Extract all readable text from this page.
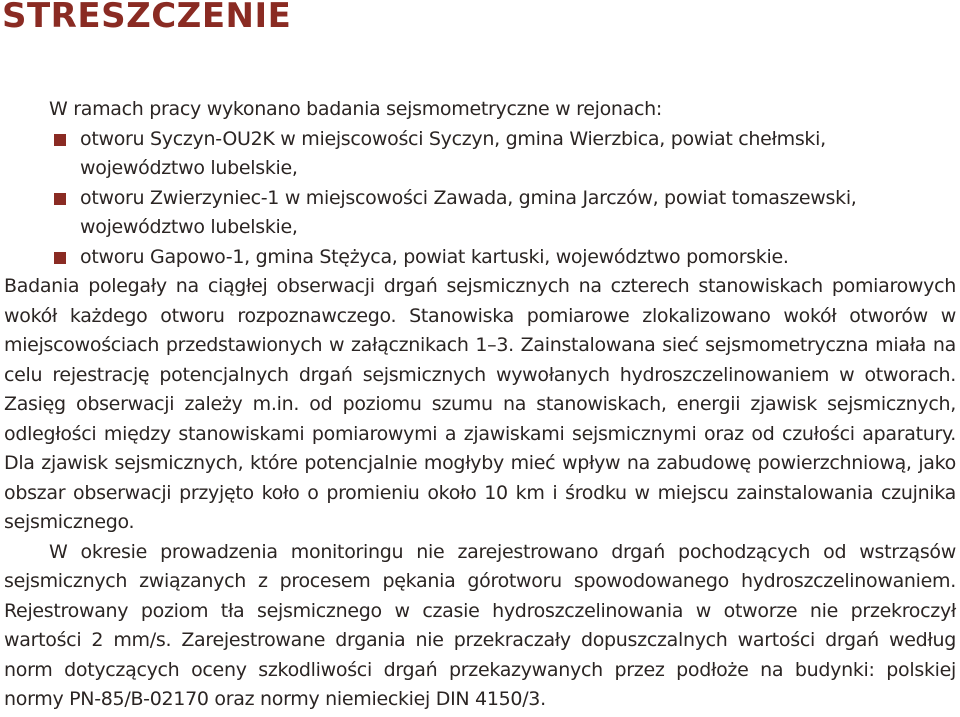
STRESZCZENIE

W ramach pracy wykonano badania sejsmometryczne w rejonach:

otworu Syczyn-OU2K w miejscowości Syczyn, gmina Wierzbica, powiat chełmski, województwo lubelskie,
otworu Zwierzyniec-1 w miejscowości Zawada, gmina Jarczów, powiat tomaszewski, województwo lubelskie,
otworu Gapowo-1, gmina Stężyca, powiat kartuski, województwo pomorskie.

Badania polegały na ciągłej obserwacji drgań sejsmicznych na czterech stanowiskach pomiarowych wokół każdego otworu rozpoznawczego. Stanowiska pomiarowe zlokalizowano wokół otworów w miejscowościach przedstawionych w załącznikach 1–3. Zainstalowana sieć sejsmometryczna miała na celu rejestrację potencjalnych drgań sejsmicznych wywołanych hydroszczelinowaniem w otworach. Zasięg obserwacji zależy m.in. od poziomu szumu na stanowiskach, energii zjawisk sejsmicznych, odległości między stanowiskami pomiarowymi a zjawiskami sejsmicznymi oraz od czułości aparatury. Dla zjawisk sejsmicznych, które potencjalnie mogłyby mieć wpływ na zabudowę powierzchniową, jako obszar obserwacji przyjęto koło o promieniu około 10 km i środku w miejscu zainstalowania czujnika sejsmicznego.

W okresie prowadzenia monitoringu nie zarejestrowano drgań pochodzących od wstrząsów sejsmicznych związanych z procesem pękania górotworu spowodowanego hydroszczelinowaniem. Rejestrowany poziom tła sejsmicznego w czasie hydroszczelinowania w otworze nie przekroczył wartości 2 mm/s. Zarejestrowane drgania nie przekraczały dopuszczalnych wartości drgań według norm dotyczących oceny szkodliwości drgań przekazywanych przez podłoże na budynki: polskiej normy PN-85/B-02170 oraz normy niemieckiej DIN 4150/3.
